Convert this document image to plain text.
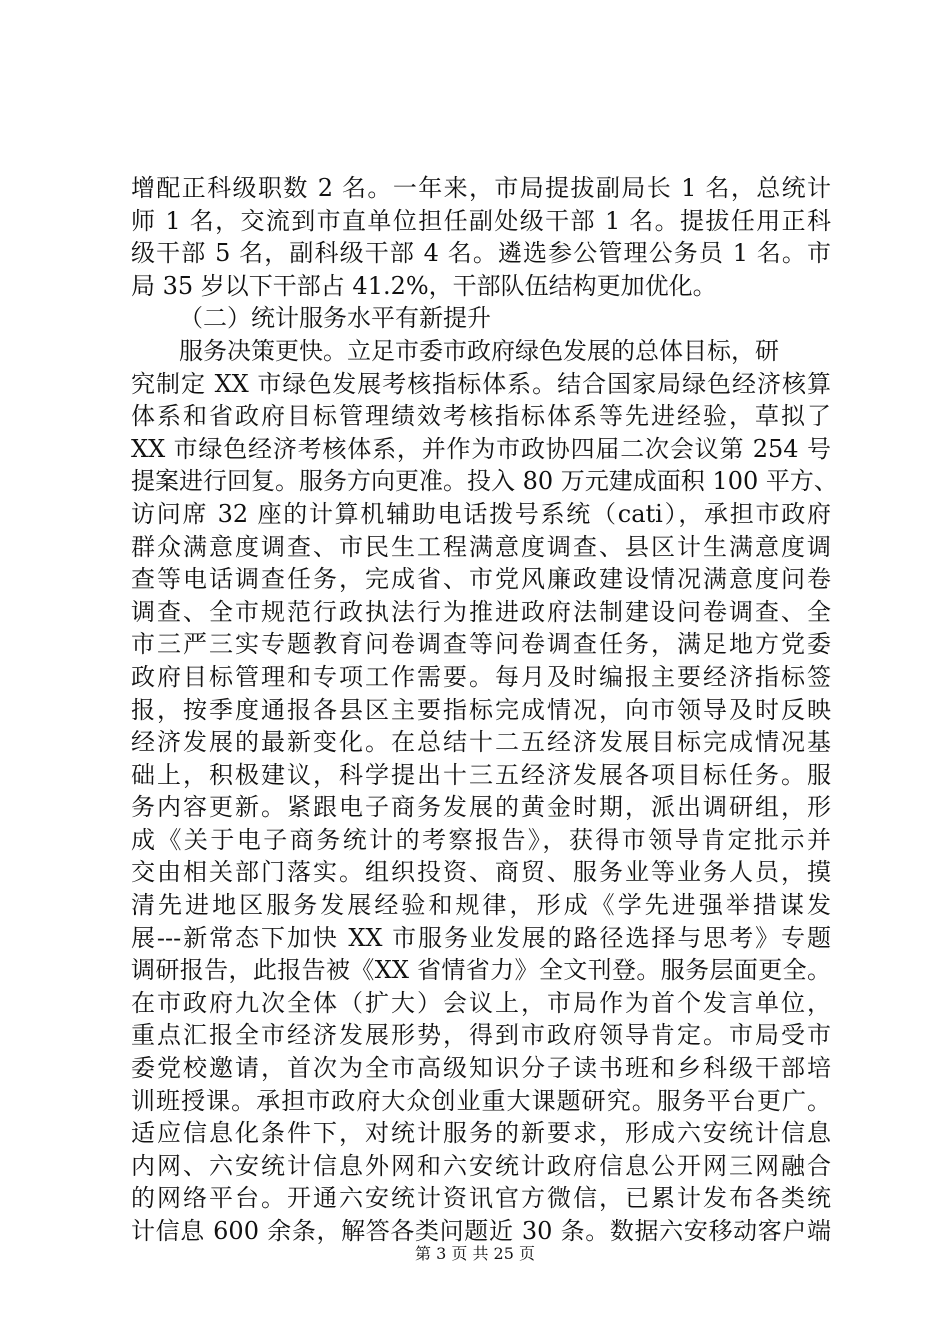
增配正科级职数 2 名。一年来，市局提拔副局长 1 名，总统计
师 1 名，交流到市直单位担任副处级干部 1 名。提拔任用正科
级干部 5 名，副科级干部 4 名。遴选参公管理公务员 1 名。市
局 35 岁以下干部占 41.2%，干部队伍结构更加优化。
（二）统计服务水平有新提升
服务决策更快。立足市委市政府绿色发展的总体目标，研
究制定 XX 市绿色发展考核指标体系。结合国家局绿色经济核算
体系和省政府目标管理绩效考核指标体系等先进经验，草拟了
XX 市绿色经济考核体系，并作为市政协四届二次会议第 254 号
提案进行回复。服务方向更准。投入 80 万元建成面积 100 平方、
访问席 32 座的计算机辅助电话拨号系统（cati），承担市政府
群众满意度调查、市民生工程满意度调查、县区计生满意度调
查等电话调查任务，完成省、市党风廉政建设情况满意度问卷
调查、全市规范行政执法行为推进政府法制建设问卷调查、全
市三严三实专题教育问卷调查等问卷调查任务，满足地方党委
政府目标管理和专项工作需要。每月及时编报主要经济指标签
报，按季度通报各县区主要指标完成情况，向市领导及时反映
经济发展的最新变化。在总结十二五经济发展目标完成情况基
础上，积极建议，科学提出十三五经济发展各项目标任务。服
务内容更新。紧跟电子商务发展的黄金时期，派出调研组，形
成《关于电子商务统计的考察报告》，获得市领导肯定批示并
交由相关部门落实。组织投资、商贸、服务业等业务人员，摸
清先进地区服务发展经验和规律，形成《学先进强举措谋发
展---新常态下加快 XX 市服务业发展的路径选择与思考》专题
调研报告，此报告被《XX 省情省力》全文刊登。服务层面更全。
在市政府九次全体（扩大）会议上，市局作为首个发言单位，
重点汇报全市经济发展形势，得到市政府领导肯定。市局受市
委党校邀请，首次为全市高级知识分子读书班和乡科级干部培
训班授课。承担市政府大众创业重大课题研究。服务平台更广。
适应信息化条件下，对统计服务的新要求，形成六安统计信息
内网、六安统计信息外网和六安统计政府信息公开网三网融合
的网络平台。开通六安统计资讯官方微信，已累计发布各类统
计信息 600 余条，解答各类问题近 30 条。数据六安移动客户端
第 3 页 共 25 页
